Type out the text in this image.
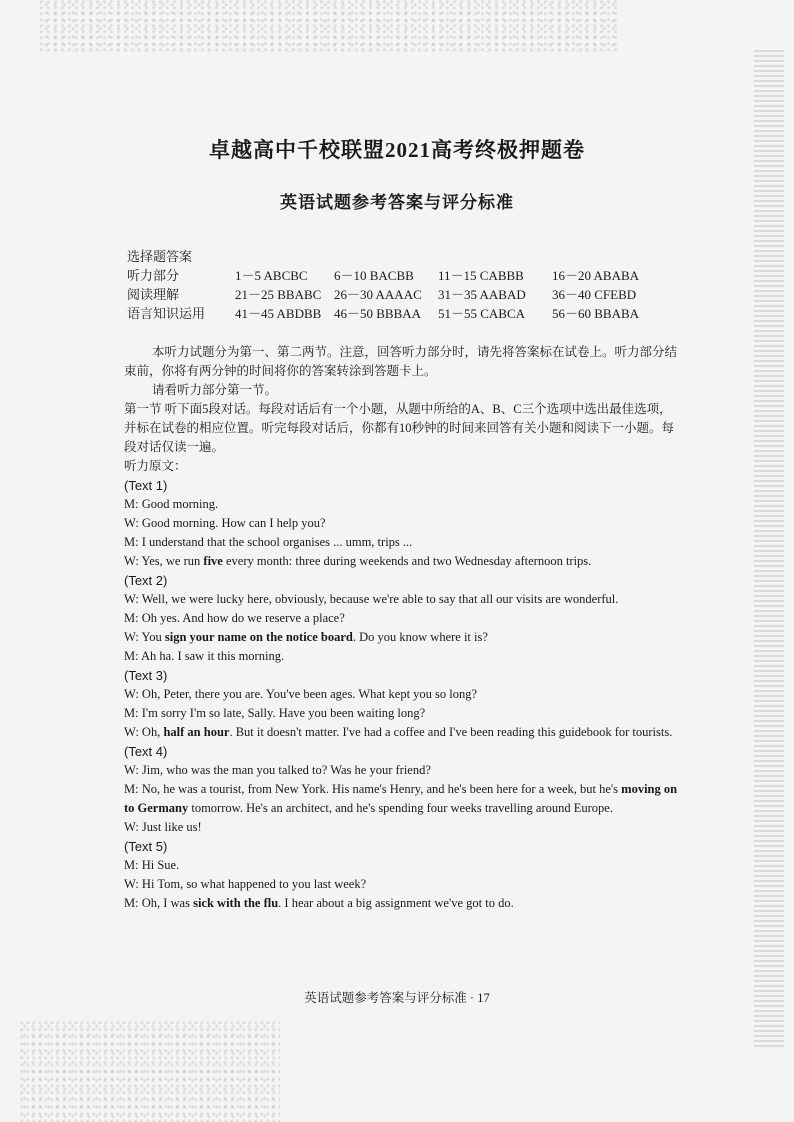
卓越高中千校联盟2021高考终极押题卷
英语试题参考答案与评分标准
选择题答案
听力部分	1－5 ABCBC 6－10 BACBB 11－15 CABBB 16－20 ABABA
阅读理解	21－25 BBABC 26－30 AAAAC 31－35 AABAD 36－40 CFEBD
语言知识运用 41－45 ABDBB 46－50 BBBAA 51－55 CABCA 56－60 BBABA

本听力试题分为第一、第二两节。注意，回答听力部分时，请先将答案标在试卷上。听力部分结束前，你将有两分钟的时间将你的答案转涂到答题卡上。

请看听力部分第一节。

第一节 听下面5段对话。每段对话后有一个小题，从题中所给的A、B、C三个选项中选出最佳选项，并标在试卷的相应位置。听完每段对话后，你都有10秒钟的时间来回答有关小题和阅读下一小题。每段对话仅读一遍。

听力原文：

(Text 1)

M: Good morning.

W: Good morning. How can I help you?

M: I understand that the school organises ... umm, trips ...

W: Yes, we run five every month: three during weekends and two Wednesday afternoon trips.

(Text 2)

W: Well, we were lucky here, obviously, because we're able to say that all our visits are wonderful.

M: Oh yes. And how do we reserve a place?

W: You sign your name on the notice board. Do you know where it is?

M: Ah ha. I saw it this morning.

(Text 3)

W: Oh, Peter, there you are. You've been ages. What kept you so long?

M: I'm sorry I'm so late, Sally. Have you been waiting long?

W: Oh, half an hour. But it doesn't matter. I've had a coffee and I've been reading this guidebook for tourists.

(Text 4)

W: Jim, who was the man you talked to? Was he your friend?

M: No, he was a tourist, from New York. His name's Henry, and he's been here for a week, but he's moving on to Germany tomorrow. He's an architect, and he's spending four weeks travelling around Europe.

W: Just like us!

(Text 5)

M: Hi Sue.

W: Hi Tom, so what happened to you last week?

M: Oh, I was sick with the flu. I hear about a big assignment we've got to do.

英语试题参考答案与评分标准 · 17
